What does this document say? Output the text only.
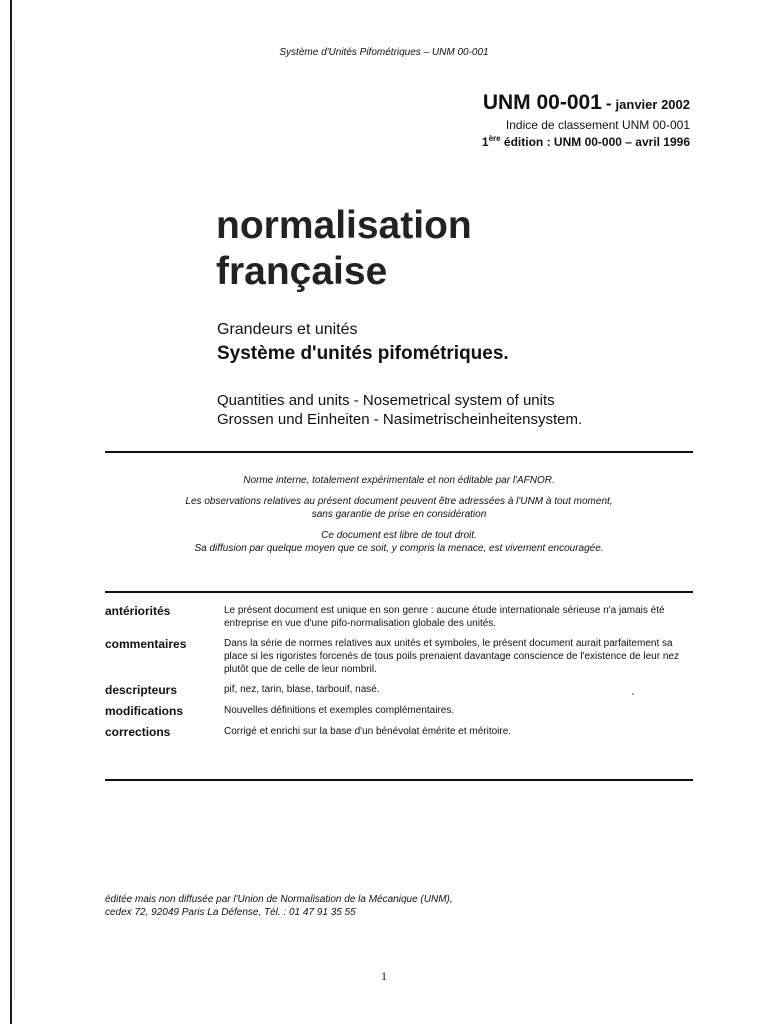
Système d'Unités Pifométriques – UNM 00-001
UNM 00-001 - janvier 2002
Indice de classement UNM 00-001
1ère édition : UNM 00-000 – avril 1996
normalisation
française
Grandeurs et unités
Système d'unités pifométriques.
Quantities and units - Nosemetrical system of units
Grossen und Einheiten - Nasimetrischeinheitensystem.

Norme interne, totalement expérimentale et non éditable par l'AFNOR.

Les observations relatives au présent document peuvent être adressées à l'UNM à tout moment,
sans garantie de prise en considération

Ce document est libre de tout droit.
Sa diffusion par quelque moyen que ce soit, y compris la menace, est vivement encouragée.

antériorités	Le présent document est unique en son genre : aucune étude internationale sérieuse n'a jamais été entreprise en vue d'une pifo-normalisation globale des unités.
commentaires	Dans la série de normes relatives aux unités et symboles, le présent document aurait parfaitement sa place si les rigoristes forcenés de tous poils prenaient davantage conscience de l'existence de leur nez plutôt que de celle de leur nombril.
descripteurs	pif, nez, tarin, blase, tarbouif, nasé.
modifications	Nouvelles définitions et exemples complémentaires.
corrections	Corrigé et enrichi sur la base d'un bénévolat émérite et méritoire.
éditée mais non diffusée par l'Union de Normalisation de la Mécanique (UNM),
cedex 72, 92049 Paris La Défense, Tél. : 01 47 91 35 55
1
